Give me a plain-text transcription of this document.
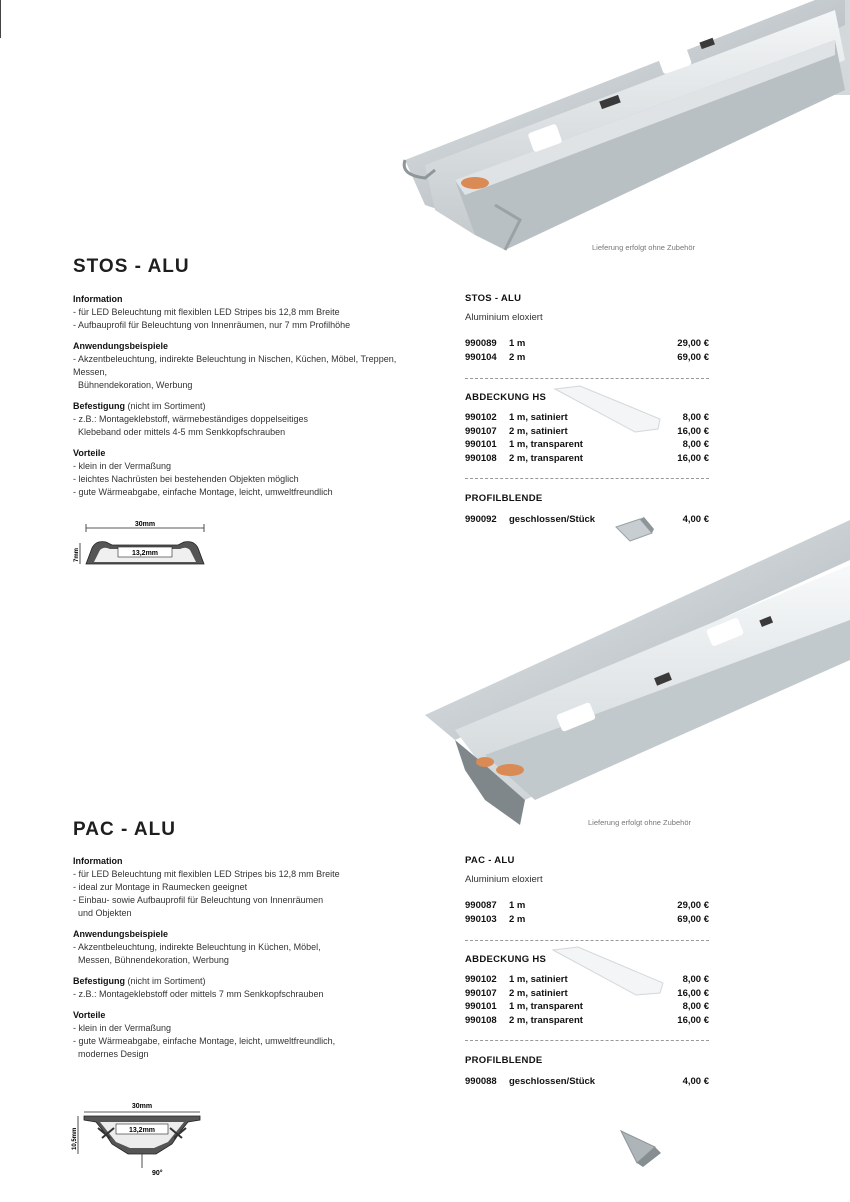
Lieferung erfolgt ohne Zubehör
STOS - ALU

Information

- für LED Beleuchtung mit flexiblen LED Stripes bis 12,8 mm Breite

- Aufbauprofil für Beleuchtung von Innenräumen, nur 7 mm Profilhöhe

Anwendungsbeispiele

- Akzentbeleuchtung, indirekte Beleuchtung in Nischen, Küchen, Möbel, Treppen, Messen,

Bühnendekoration, Werbung

Befestigung (nicht im Sortiment)

- z.B.: Montageklebstoff, wärmebeständiges doppelseitiges

Klebeband oder mittels 4-5 mm Senkkopfschrauben

Vorteile

- klein in der Vermaßung

- leichtes Nachrüsten bei bestehenden Objekten möglich

- gute Wärmeabgabe, einfache Montage, leicht, umweltfreundlich

30mm
7mm	13,2mm
STOS - ALU
Aluminium eloxiert
990089	1 m	29,00 €
990104	2 m	69,00 €
ABDECKUNG HS
990102	1 m, satiniert	8,00 €
990107	2 m, satiniert	16,00 €
990101	1 m, transparent	8,00 €
990108	2 m, transparent	16,00 €
PROFILBLENDE
990092	geschlossen/Stück	4,00 €
Lieferung erfolgt ohne Zubehör
PAC - ALU

Information

- für LED Beleuchtung mit flexiblen LED Stripes bis 12,8 mm Breite

- ideal zur Montage in Raumecken geeignet

- Einbau- sowie Aufbauprofil für Beleuchtung von Innenräumen

und Objekten

Anwendungsbeispiele

- Akzentbeleuchtung, indirekte Beleuchtung in Küchen, Möbel,

Messen, Bühnendekoration, Werbung

Befestigung (nicht im Sortiment)

- z.B.: Montageklebstoff oder mittels 7 mm Senkkopfschrauben

Vorteile

- klein in der Vermaßung

- gute Wärmeabgabe, einfache Montage, leicht, umweltfreundlich,

modernes Design

30mm
10,5mm	13,2mm
90°
PAC - ALU
Aluminium eloxiert
990087	1 m	29,00 €
990103	2 m	69,00 €
ABDECKUNG HS
990102	1 m, satiniert	8,00 €
990107	2 m, satiniert	16,00 €
990101	1 m, transparent	8,00 €
990108	2 m, transparent	16,00 €
PROFILBLENDE
990088	geschlossen/Stück	4,00 €
